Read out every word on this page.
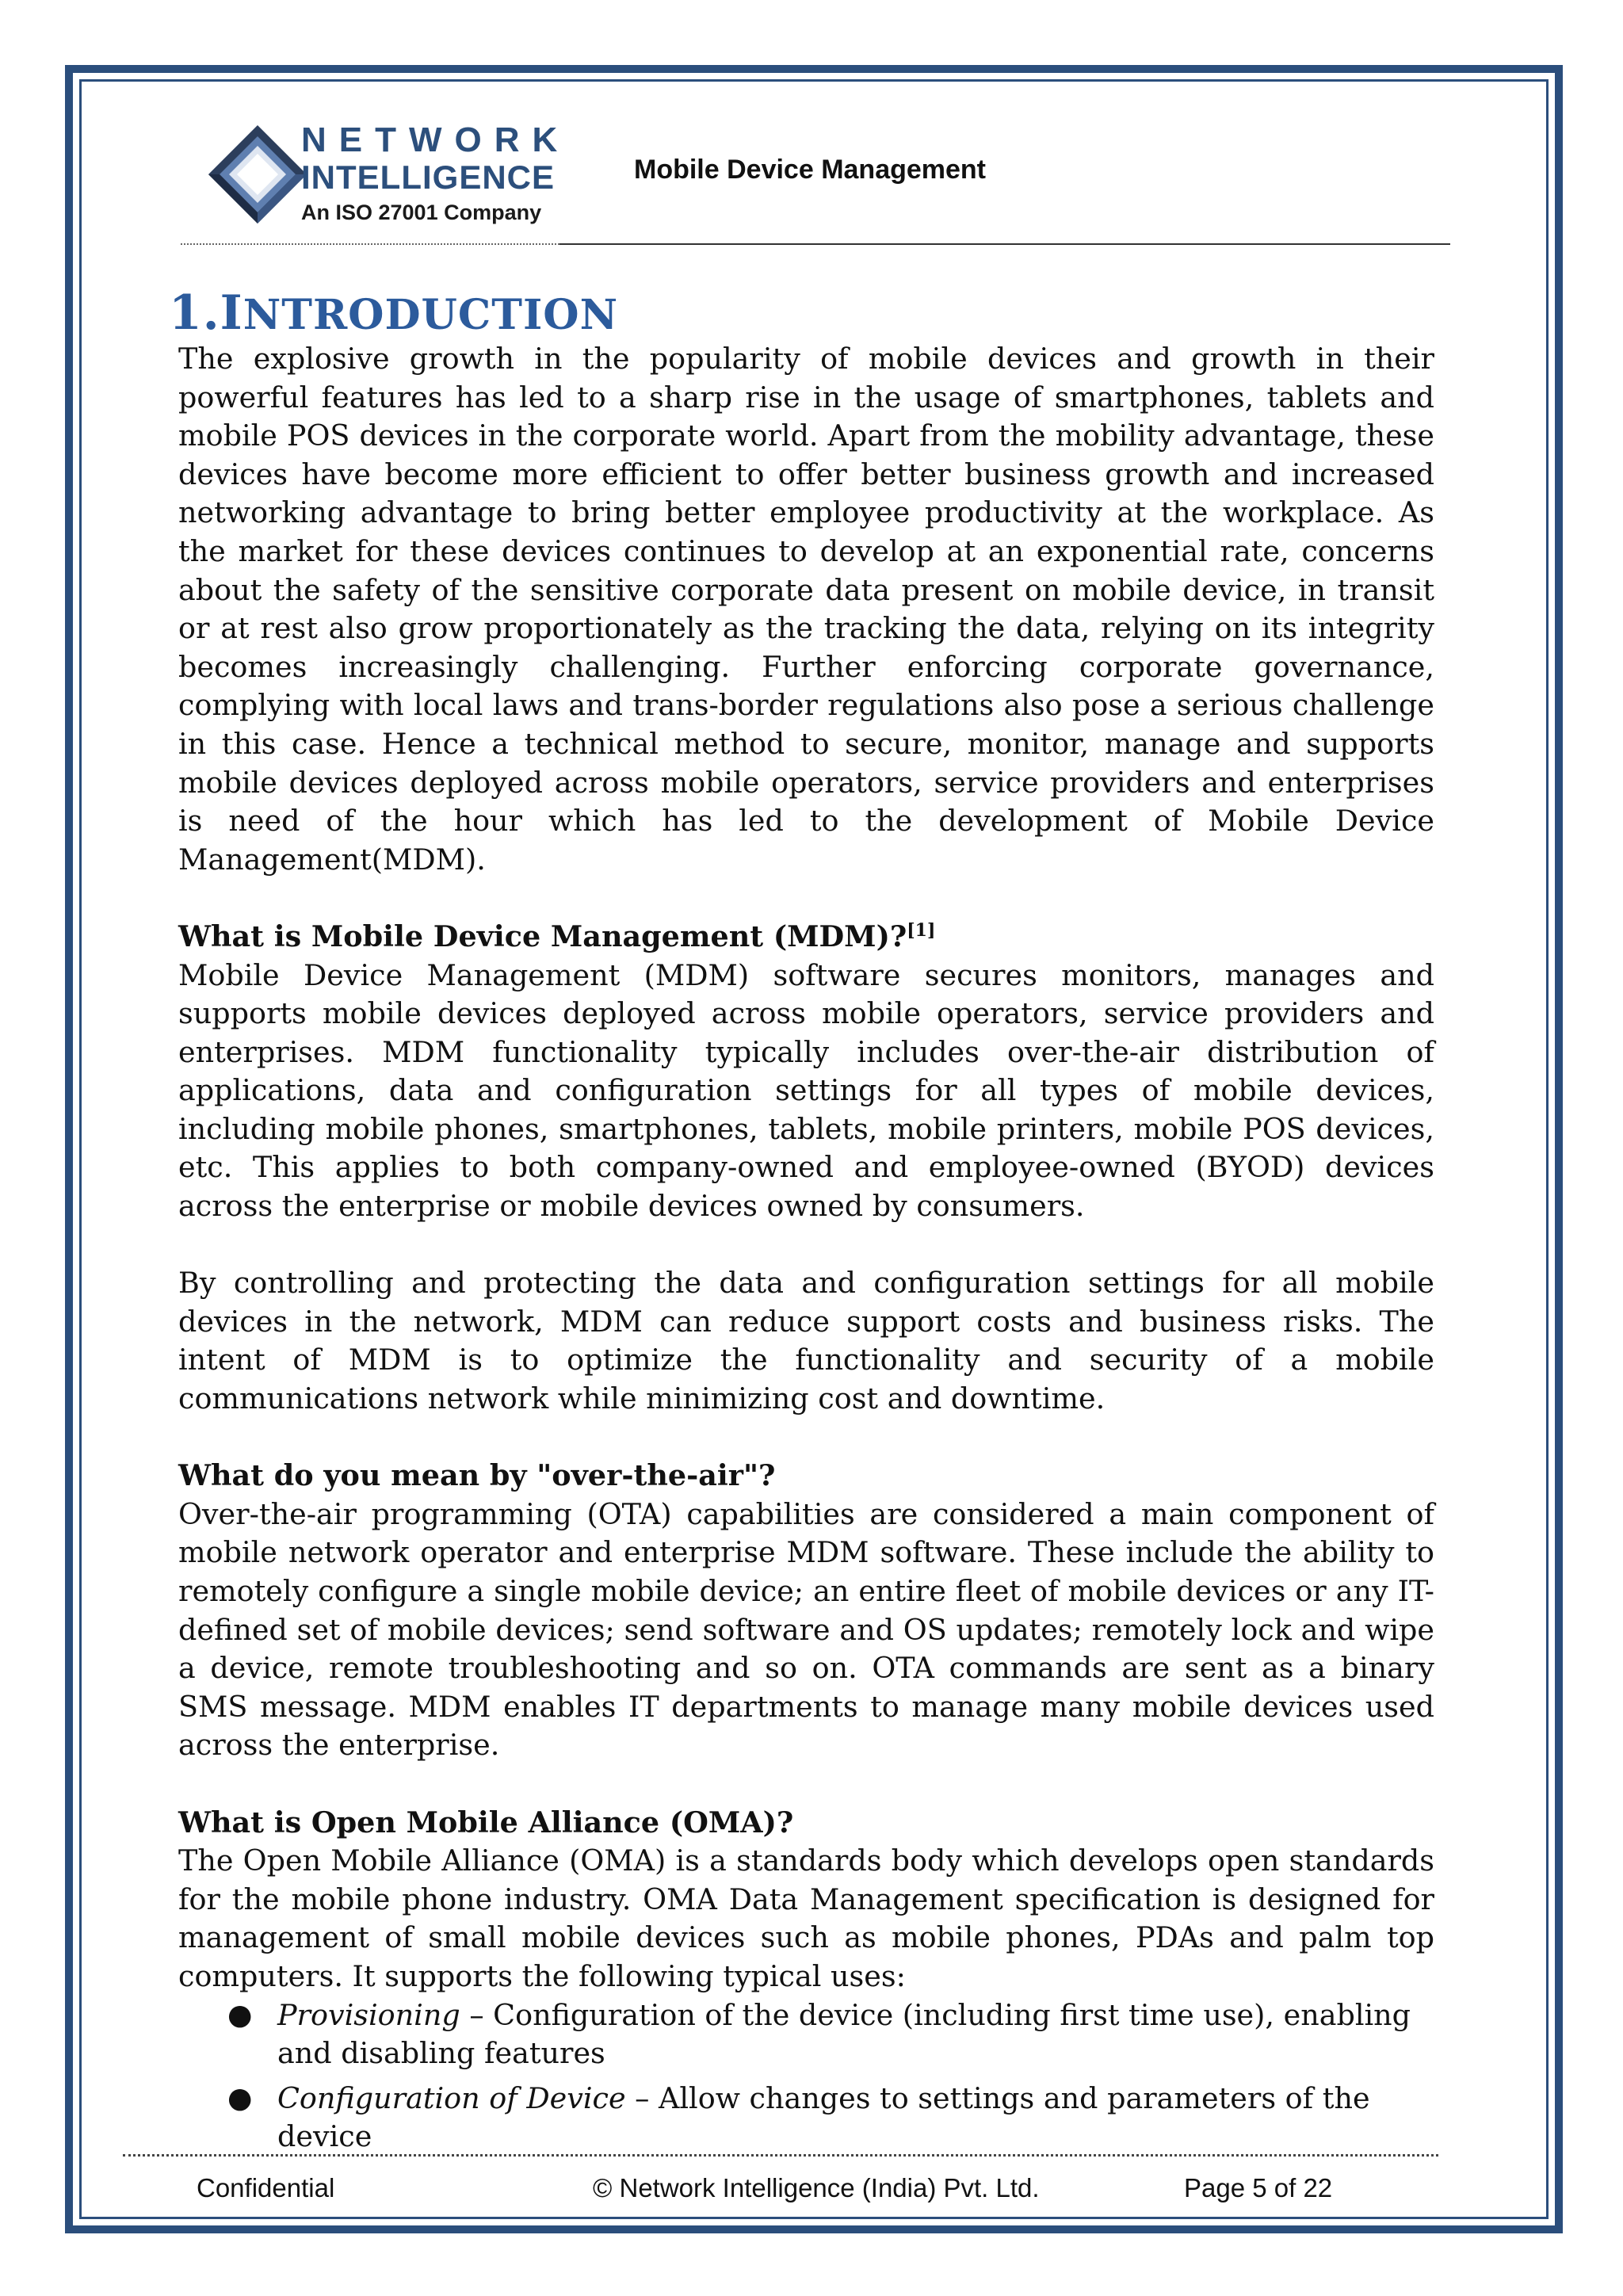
NETWORK
INTELLIGENCE
An ISO 27001 Company
Mobile Device Management
1.INTRODUCTION

The explosive growth in the popularity of mobile devices and growth in their powerful features has led to a sharp rise in the usage of smartphones, tablets and mobile POS devices in the corporate world. Apart from the mobility advantage, these devices have become more efficient to offer better business growth and increased networking advantage to bring better employee productivity at the workplace. As the market for these devices continues to develop at an exponential rate, concerns about the safety of the sensitive corporate data present on mobile device, in transit or at rest also grow proportionately as the tracking the data, relying on its integrity becomes increasingly challenging. Further enforcing corporate governance, complying with local laws and trans-border regulations also pose a serious challenge in this case. Hence a technical method to secure, monitor, manage and supports mobile devices deployed across mobile operators, service providers and enterprises is need of the hour which has led to the development of Mobile Device Management(MDM).

What is Mobile Device Management (MDM)?[1]

Mobile Device Management (MDM) software secures monitors, manages and supports mobile devices deployed across mobile operators, service providers and enterprises. MDM functionality typically includes over-the-air distribution of applications, data and configuration settings for all types of mobile devices, including mobile phones, smartphones, tablets, mobile printers, mobile POS devices, etc. This applies to both company-owned and employee-owned (BYOD) devices across the enterprise or mobile devices owned by consumers.

By controlling and protecting the data and configuration settings for all mobile devices in the network, MDM can reduce support costs and business risks. The intent of MDM is to optimize the functionality and security of a mobile communications network while minimizing cost and downtime.

What do you mean by "over-the-air"?

Over-the-air programming (OTA) capabilities are considered a main component of mobile network operator and enterprise MDM software. These include the ability to remotely configure a single mobile device; an entire fleet of mobile devices or any IT-defined set of mobile devices; send software and OS updates; remotely lock and wipe a device, remote troubleshooting and so on. OTA commands are sent as a binary SMS message. MDM enables IT departments to manage many mobile devices used across the enterprise.

What is Open Mobile Alliance (OMA)?

The Open Mobile Alliance (OMA) is a standards body which develops open standards for the mobile phone industry. OMA Data Management specification is designed for management of small mobile devices such as mobile phones, PDAs and palm top computers. It supports the following typical uses:

● Provisioning – Configuration of the device (including first time use), enabling and disabling features
● Configuration of Device – Allow changes to settings and parameters of the device
Confidential	© Network Intelligence (India) Pvt. Ltd.	Page 5 of 22
